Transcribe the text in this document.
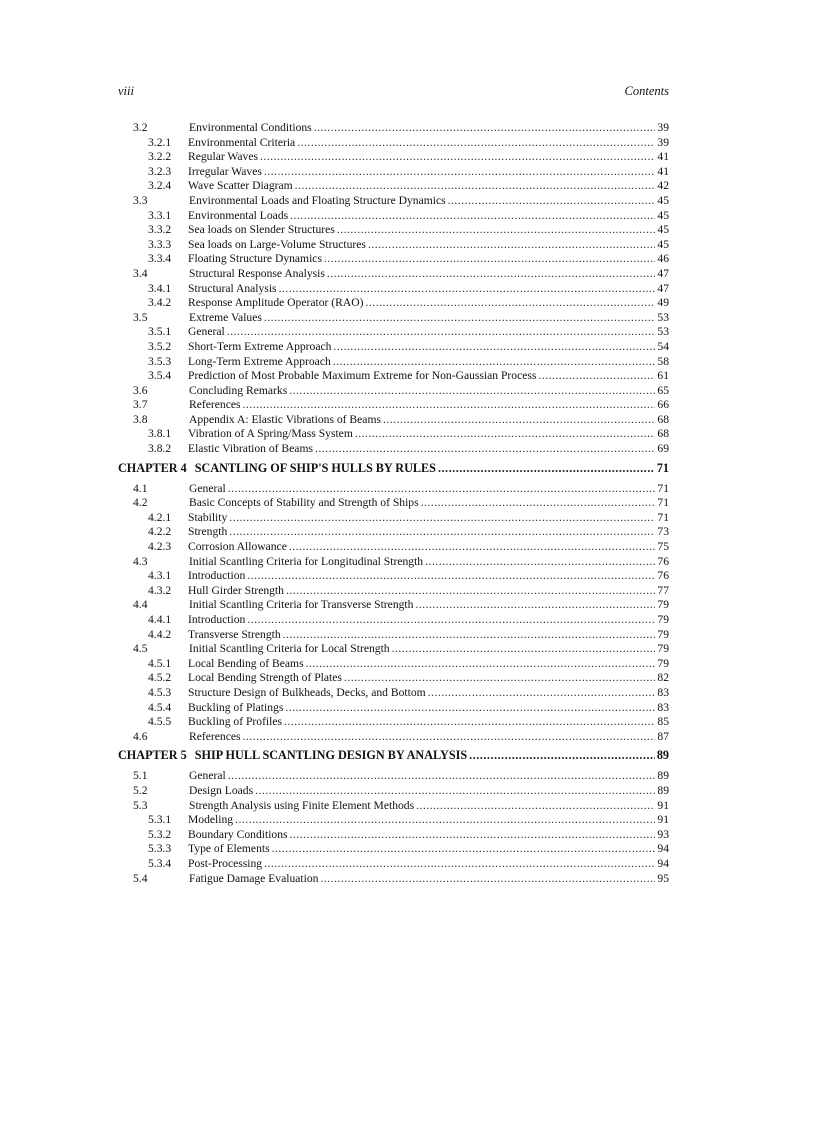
viii	Contents
3.2	Environmental Conditions .....	39
3.2.1	Environmental Criteria .....	39
3.2.2	Regular Waves .....	41
3.2.3	Irregular Waves .....	41
3.2.4	Wave Scatter Diagram .....	42
3.3	Environmental Loads and Floating Structure Dynamics .....	45
3.3.1	Environmental Loads .....	45
3.3.2	Sea loads on Slender Structures .....	45
3.3.3	Sea loads on Large-Volume Structures .....	45
3.3.4	Floating Structure Dynamics .....	46
3.4	Structural Response Analysis .....	47
3.4.1	Structural Analysis .....	47
3.4.2	Response Amplitude Operator (RAO) .....	49
3.5	Extreme Values .....	53
3.5.1	General .....	53
3.5.2	Short-Term Extreme Approach .....	54
3.5.3	Long-Term Extreme Approach .....	58
3.5.4	Prediction of Most Probable Maximum Extreme for Non-Gaussian Process .....	61
3.6	Concluding Remarks .....	65
3.7	References .....	66
3.8	Appendix A: Elastic Vibrations of Beams .....	68
3.8.1	Vibration of A Spring/Mass System .....	68
3.8.2	Elastic Vibration of Beams .....	69
CHAPTER 4 SCANTLING OF SHIP'S HULLS BY RULES .....	71
4.1	General .....	71
4.2	Basic Concepts of Stability and Strength of Ships .....	71
4.2.1	Stability .....	71
4.2.2	Strength .....	73
4.2.3	Corrosion Allowance .....	75
4.3	Initial Scantling Criteria for Longitudinal Strength .....	76
4.3.1	Introduction .....	76
4.3.2	Hull Girder Strength .....	77
4.4	Initial Scantling Criteria for Transverse Strength .....	79
4.4.1	Introduction .....	79
4.4.2	Transverse Strength .....	79
4.5	Initial Scantling Criteria for Local Strength .....	79
4.5.1	Local Bending of Beams .....	79
4.5.2	Local Bending Strength of Plates .....	82
4.5.3	Structure Design of Bulkheads, Decks, and Bottom .....	83
4.5.4	Buckling of Platings .....	83
4.5.5	Buckling of Profiles .....	85
4.6	References .....	87
CHAPTER 5 SHIP HULL SCANTLING DESIGN BY ANALYSIS .....	89
5.1	General .....	89
5.2	Design Loads .....	89
5.3	Strength Analysis using Finite Element Methods .....	91
5.3.1	Modeling .....	91
5.3.2	Boundary Conditions .....	93
5.3.3	Type of Elements .....	94
5.3.4	Post-Processing .....	94
5.4	Fatigue Damage Evaluation .....	95
